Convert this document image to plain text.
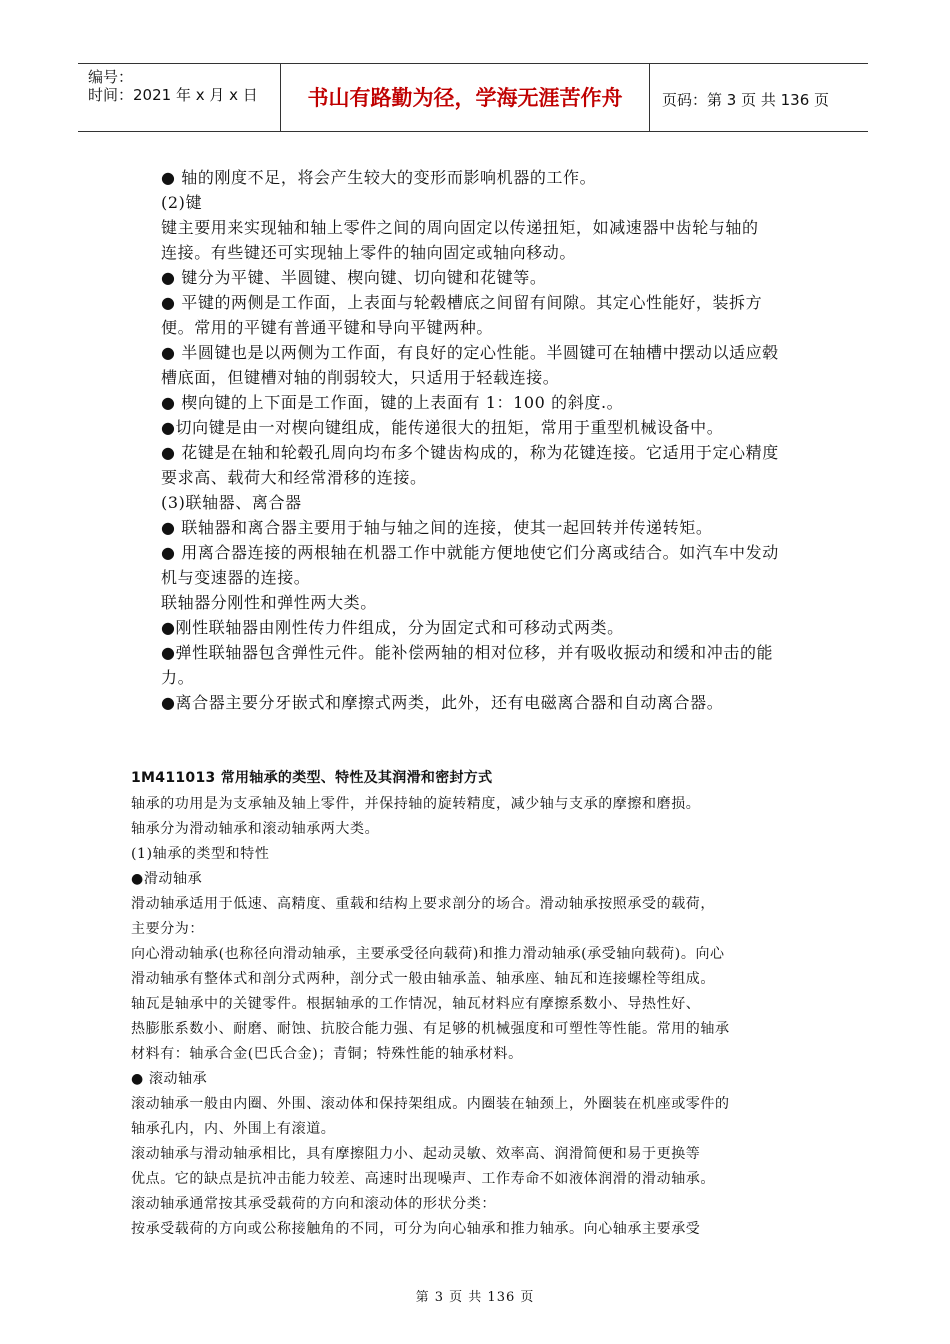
编号：
时间：2021 年 x 月 x 日	书山有路勤为径，学海无涯苦作舟	页码：第 3 页 共 136 页

● 轴的刚度不足，将会产生较大的变形而影响机器的工作。

(2)键

键主要用来实现轴和轴上零件之间的周向固定以传递扭矩，如减速器中齿轮与轴的

连接。有些键还可实现轴上零件的轴向固定或轴向移动。

● 键分为平键、半圆键、楔向键、切向键和花键等。

● 平键的两侧是工作面，上表面与轮毂槽底之间留有间隙。其定心性能好，装拆方

便。常用的平键有普通平键和导向平键两种。

● 半圆键也是以两侧为工作面，有良好的定心性能。半圆键可在轴槽中摆动以适应毂

槽底面，但键槽对轴的削弱较大，只适用于轻载连接。

● 楔向键的上下面是工作面，键的上表面有 1：100 的斜度.。

●切向键是由一对楔向键组成，能传递很大的扭矩，常用于重型机械设备中。

● 花键是在轴和轮毂孔周向均布多个键齿构成的，称为花键连接。它适用于定心精度

要求高、载荷大和经常滑移的连接。

(3)联轴器、离合器

● 联轴器和离合器主要用于轴与轴之间的连接，使其一起回转并传递转矩。

● 用离合器连接的两根轴在机器工作中就能方便地使它们分离或结合。如汽车中发动

机与变速器的连接。

联轴器分刚性和弹性两大类。

●刚性联轴器由刚性传力件组成，分为固定式和可移动式两类。

●弹性联轴器包含弹性元件。能补偿两轴的相对位移，并有吸收振动和缓和冲击的能

力。

●离合器主要分牙嵌式和摩擦式两类，此外，还有电磁离合器和自动离合器。

1M411013 常用轴承的类型、特性及其润滑和密封方式

轴承的功用是为支承轴及轴上零件，并保持轴的旋转精度，减少轴与支承的摩擦和磨损。

轴承分为滑动轴承和滚动轴承两大类。

(1)轴承的类型和特性

●滑动轴承

滑动轴承适用于低速、高精度、重载和结构上要求剖分的场合。滑动轴承按照承受的载荷，

主要分为：

向心滑动轴承(也称径向滑动轴承，主要承受径向载荷)和推力滑动轴承(承受轴向载荷)。向心

滑动轴承有整体式和剖分式两种，剖分式一般由轴承盖、轴承座、轴瓦和连接螺栓等组成。

轴瓦是轴承中的关键零件。根据轴承的工作情况，轴瓦材料应有摩擦系数小、导热性好、

热膨胀系数小、耐磨、耐蚀、抗胶合能力强、有足够的机械强度和可塑性等性能。常用的轴承

材料有：轴承合金(巴氏合金)；青铜；特殊性能的轴承材料。

● 滚动轴承

滚动轴承一般由内圈、外围、滚动体和保持架组成。内圈装在轴颈上，外圈装在机座或零件的

轴承孔内，内、外围上有滚道。

滚动轴承与滑动轴承相比，具有摩擦阻力小、起动灵敏、效率高、润滑简便和易于更换等

优点。它的缺点是抗冲击能力较差、高速时出现噪声、工作寿命不如液体润滑的滑动轴承。

滚动轴承通常按其承受载荷的方向和滚动体的形状分类：

按承受载荷的方向或公称接触角的不同，可分为向心轴承和推力轴承。向心轴承主要承受

第 3 页 共 136 页
